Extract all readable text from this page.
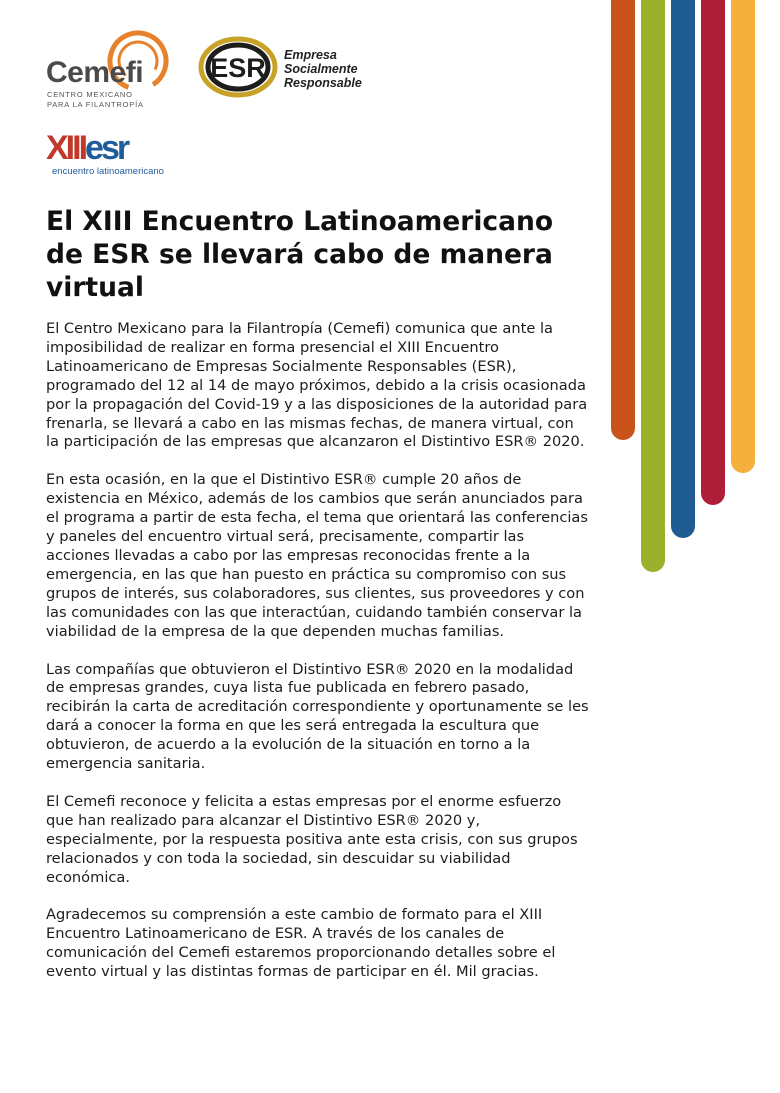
Cemefi
CENTRO MEXICANO
PARA LA FILANTROPÍA
ESR Empresa
Socialmente
Responsable
XIIIesr
encuentro latinoamericano
El XIII Encuentro Latinoamericano de ESR se llevará cabo de manera virtual

El Centro Mexicano para la Filantropía (Cemefi) comunica que ante la imposibilidad de realizar en forma presencial el XIII Encuentro Latinoamericano de Empresas Socialmente Responsables (ESR), programado del 12 al 14 de mayo próximos, debido a la crisis ocasionada por la propagación del Covid-19 y a las disposiciones de la autoridad para frenarla, se llevará a cabo en las mismas fechas, de manera virtual, con la participación de las empresas que alcanzaron el Distintivo ESR® 2020.

En esta ocasión, en la que el Distintivo ESR® cumple 20 años de existencia en México, además de los cambios que serán anunciados para el programa a partir de esta fecha, el tema que orientará las conferencias y paneles del encuentro virtual será, precisamente, compartir las acciones llevadas a cabo por las empresas reconocidas frente a la emergencia, en las que han puesto en práctica su compromiso con sus grupos de interés, sus colaboradores, sus clientes, sus proveedores y con las comunidades con las que interactúan, cuidando también conservar la viabilidad de la empresa de la que dependen muchas familias.

Las compañías que obtuvieron el Distintivo ESR® 2020 en la modalidad de empresas grandes, cuya lista fue publicada en febrero pasado, recibirán la carta de acreditación correspondiente y oportunamente se les dará a conocer la forma en que les será entregada la escultura que obtuvieron, de acuerdo a la evolución de la situación en torno a la emergencia sanitaria.

El Cemefi reconoce y felicita a estas empresas por el enorme esfuerzo que han realizado para alcanzar el Distintivo ESR® 2020 y, especialmente, por la respuesta positiva ante esta crisis, con sus grupos relacionados y con toda la sociedad, sin descuidar su viabilidad económica.

Agradecemos su comprensión a este cambio de formato para el XIII Encuentro Latinoamericano de ESR. A través de los canales de comunicación del Cemefi estaremos proporcionando detalles sobre el evento virtual y las distintas formas de participar en él. Mil gracias.
